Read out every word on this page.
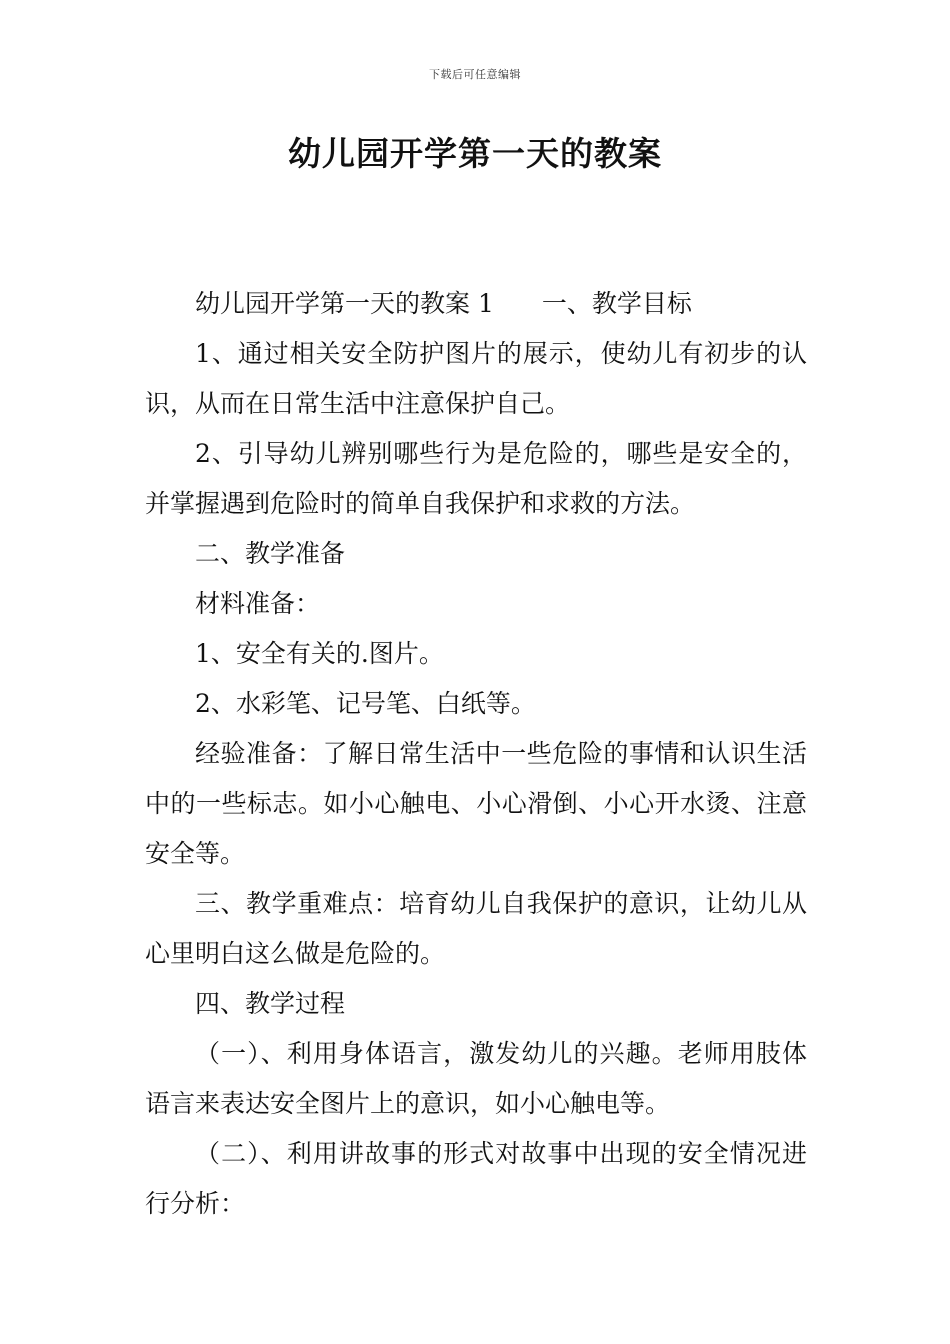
下载后可任意编辑
幼儿园开学第一天的教案

幼儿园开学第一天的教案 1 一、教学目标

1、通过相关安全防护图片的展示，使幼儿有初步的认识，从而在日常生活中注意保护自己。

2、引导幼儿辨别哪些行为是危险的，哪些是安全的，并掌握遇到危险时的简单自我保护和求救的方法。

二、教学准备

材料准备：

1、安全有关的.图片。

2、水彩笔、记号笔、白纸等。

经验准备：了解日常生活中一些危险的事情和认识生活中的一些标志。如小心触电、小心滑倒、小心开水烫、注意安全等。

三、教学重难点：培育幼儿自我保护的意识，让幼儿从心里明白这么做是危险的。

四、教学过程

（一）、利用身体语言，激发幼儿的兴趣。老师用肢体语言来表达安全图片上的意识，如小心触电等。

（二）、利用讲故事的形式对故事中出现的安全情况进行分析：
